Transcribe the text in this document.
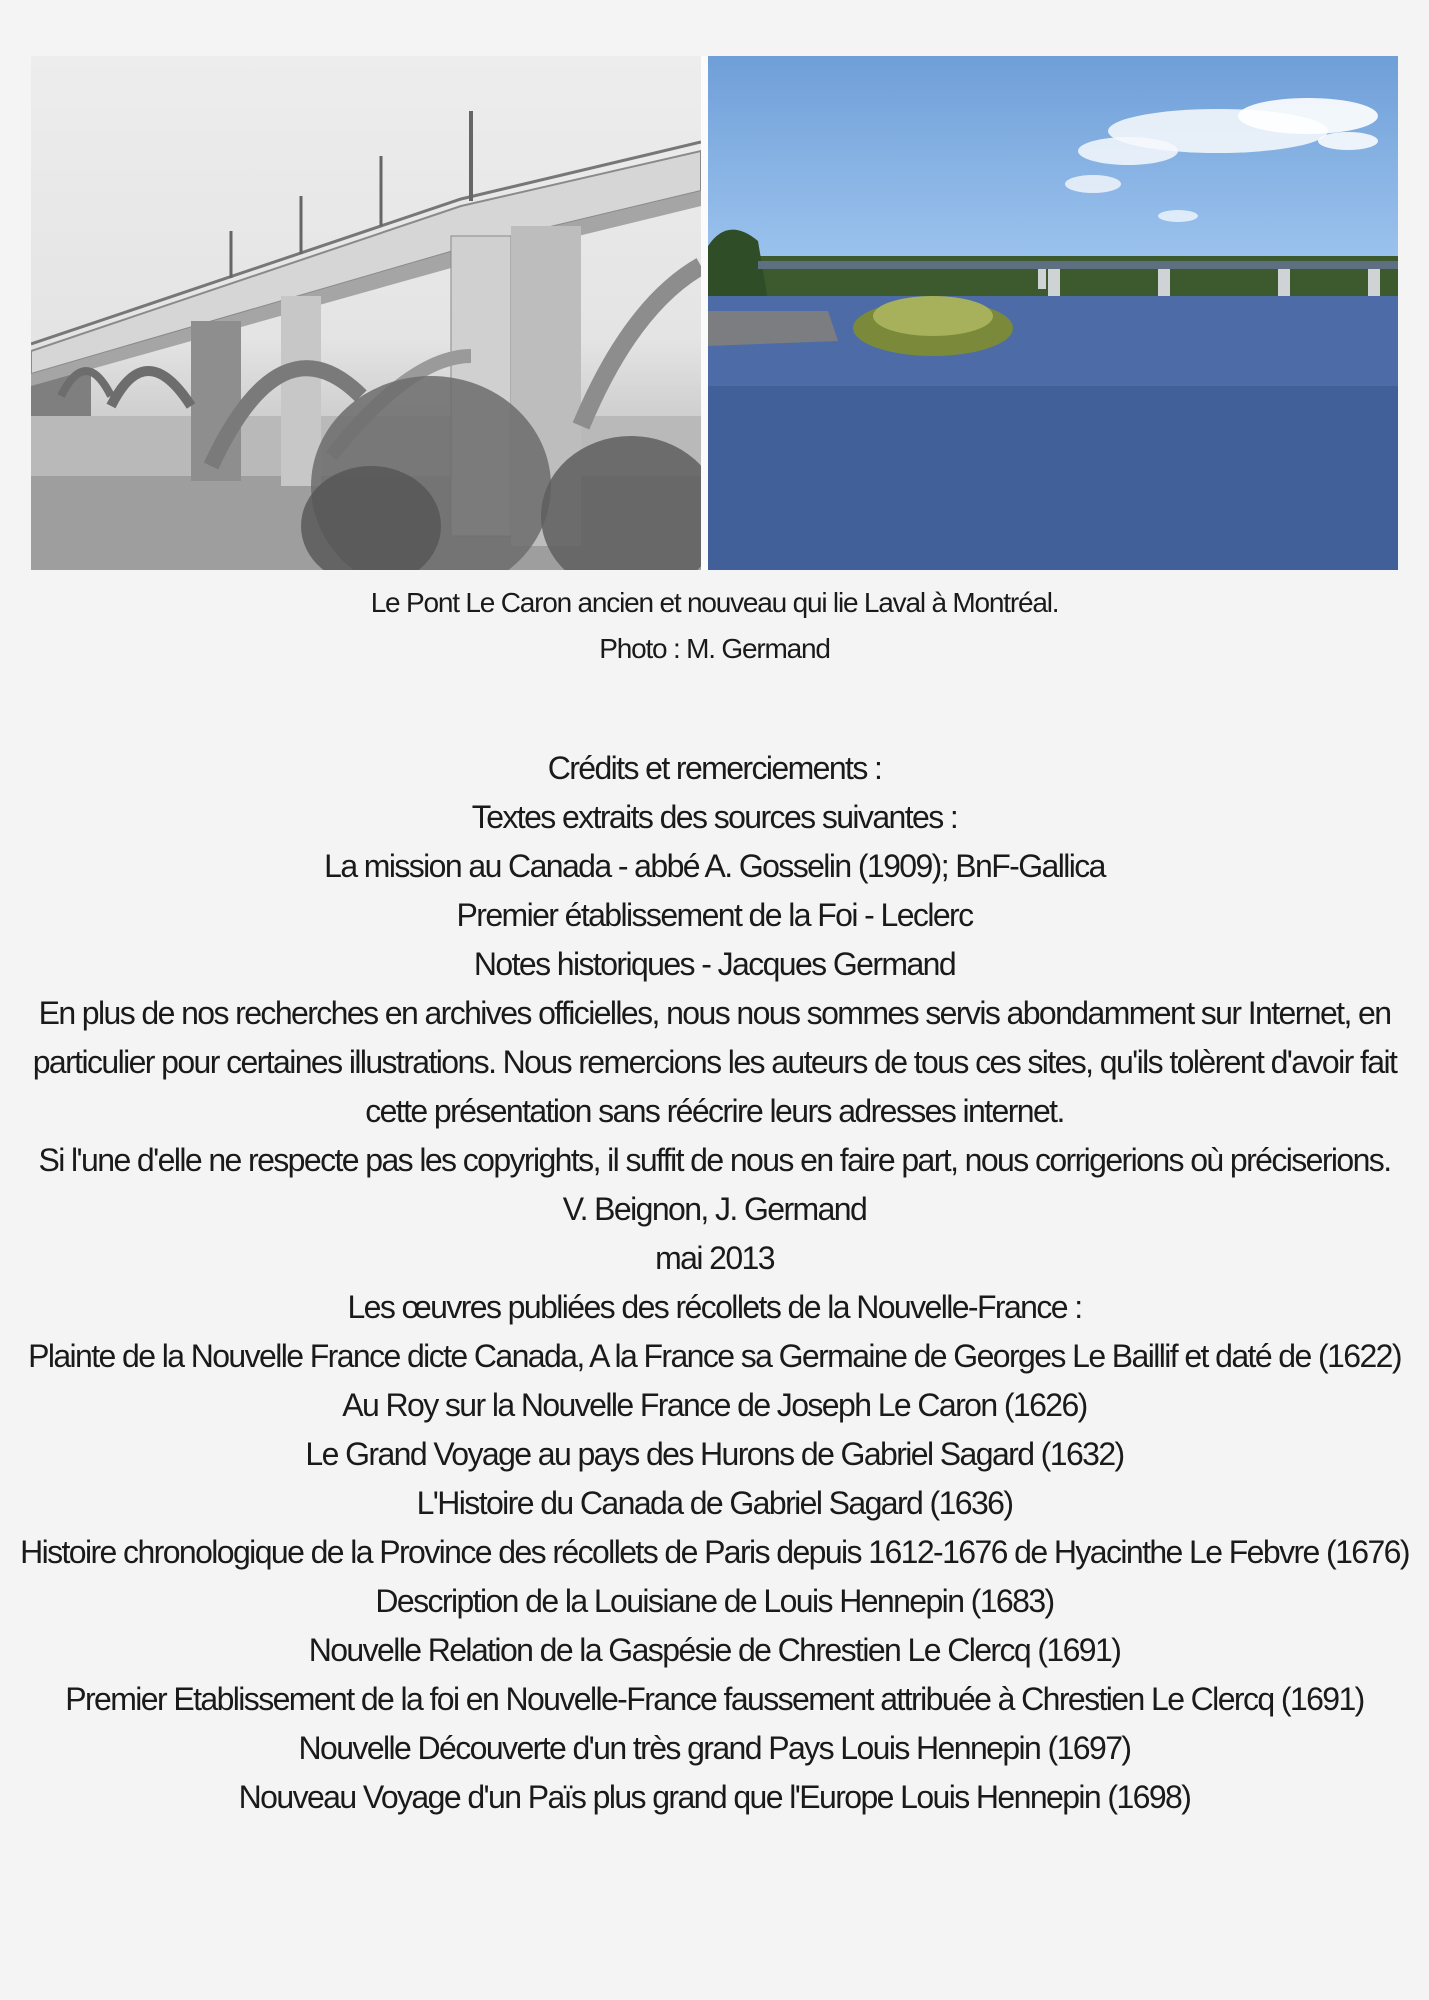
Le Pont Le Caron ancien et nouveau qui lie Laval à Montréal.
Photo : M. Germand
Crédits et remerciements :
Textes extraits des sources suivantes :
La mission au Canada - abbé A. Gosselin (1909); BnF-Gallica
Premier établissement de la Foi - Leclerc
Notes historiques - Jacques Germand
En plus de nos recherches en archives officielles, nous nous sommes servis abondamment sur Internet, en particulier pour certaines illustrations. Nous remercions les auteurs de tous ces sites, qu'ils tolèrent d'avoir fait cette présentation sans réécrire leurs adresses internet.
Si l'une d'elle ne respecte pas les copyrights, il suffit de nous en faire part, nous corrigerions où préciserions.
V. Beignon, J. Germand
mai 2013
Les œuvres publiées des récollets de la Nouvelle-France :
Plainte de la Nouvelle France dicte Canada, A la France sa Germaine de Georges Le Baillif et daté de (1622)
Au Roy sur la Nouvelle France de Joseph Le Caron (1626)
Le Grand Voyage au pays des Hurons de Gabriel Sagard (1632)
L'Histoire du Canada de Gabriel Sagard (1636)
Histoire chronologique de la Province des récollets de Paris depuis 1612-1676 de Hyacinthe Le Febvre (1676)
Description de la Louisiane de Louis Hennepin (1683)
Nouvelle Relation de la Gaspésie de Chrestien Le Clercq (1691)
Premier Etablissement de la foi en Nouvelle-France faussement attribuée à Chrestien Le Clercq (1691)
Nouvelle Découverte d'un très grand Pays Louis Hennepin (1697)
Nouveau Voyage d'un Païs plus grand que l'Europe Louis Hennepin (1698)
